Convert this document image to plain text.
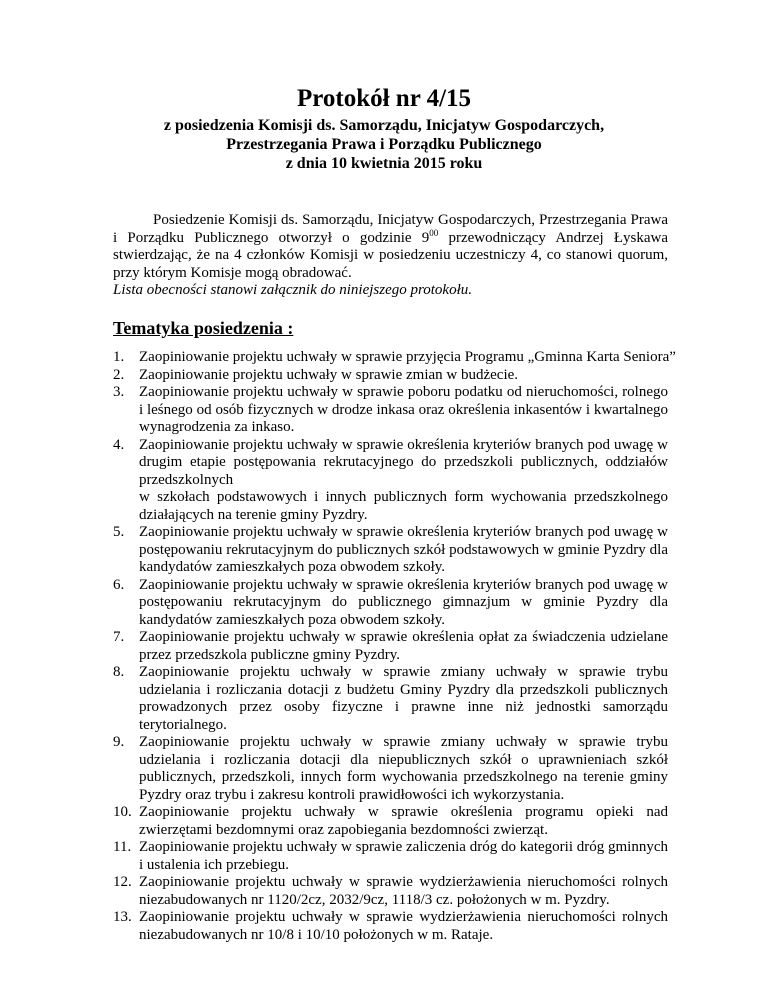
Protokół nr 4/15
z posiedzenia Komisji ds. Samorządu, Inicjatyw Gospodarczych,
Przestrzegania Prawa i Porządku Publicznego
z dnia 10 kwietnia 2015 roku

Posiedzenie Komisji ds. Samorządu, Inicjatyw Gospodarczych, Przestrzegania Prawa i Porządku Publicznego otworzył o godzinie $9^{00}$ przewodniczący Andrzej Łyskawa stwierdzając, że na 4 członków Komisji w posiedzeniu uczestniczy 4, co stanowi quorum, przy którym Komisje mogą obradować.

Lista obecności stanowi załącznik do niniejszego protokołu.

Tematyka posiedzenia :
1. Zaopiniowanie projektu uchwały w sprawie przyjęcia Programu „Gminna Karta Seniora”
2. Zaopiniowanie projektu uchwały w sprawie zmian w budżecie.
3. Zaopiniowanie projektu uchwały w sprawie poboru podatku od nieruchomości, rolnego i leśnego od osób fizycznych w drodze inkasa oraz określenia inkasentów i kwartalnego wynagrodzenia za inkaso.
4. Zaopiniowanie projektu uchwały w sprawie określenia kryteriów branych pod uwagę w drugim etapie postępowania rekrutacyjnego do przedszkoli publicznych, oddziałów przedszkolnych
w szkołach podstawowych i innych publicznych form wychowania przedszkolnego działających na terenie gminy Pyzdry.
5. Zaopiniowanie projektu uchwały w sprawie określenia kryteriów branych pod uwagę w postępowaniu rekrutacyjnym do publicznych szkół podstawowych w gminie Pyzdry dla kandydatów zamieszkałych poza obwodem szkoły.
6. Zaopiniowanie projektu uchwały w sprawie określenia kryteriów branych pod uwagę w postępowaniu rekrutacyjnym do publicznego gimnazjum w gminie Pyzdry dla kandydatów zamieszkałych poza obwodem szkoły.
7. Zaopiniowanie projektu uchwały w sprawie określenia opłat za świadczenia udzielane przez przedszkola publiczne gminy Pyzdry.
8. Zaopiniowanie projektu uchwały w sprawie zmiany uchwały w sprawie trybu udzielania i rozliczania dotacji z budżetu Gminy Pyzdry dla przedszkoli publicznych prowadzonych przez osoby fizyczne i prawne inne niż jednostki samorządu terytorialnego.
9. Zaopiniowanie projektu uchwały w sprawie zmiany uchwały w sprawie trybu udzielania i rozliczania dotacji dla niepublicznych szkół o uprawnieniach szkół publicznych, przedszkoli, innych form wychowania przedszkolnego na terenie gminy Pyzdry oraz trybu i zakresu kontroli prawidłowości ich wykorzystania.
10. Zaopiniowanie projektu uchwały w sprawie określenia programu opieki nad zwierzętami bezdomnymi oraz zapobiegania bezdomności zwierząt.
11. Zaopiniowanie projektu uchwały w sprawie zaliczenia dróg do kategorii dróg gminnych i ustalenia ich przebiegu.
12. Zaopiniowanie projektu uchwały w sprawie wydzierżawienia nieruchomości rolnych niezabudowanych nr 1120/2cz, 2032/9cz, 1118/3 cz. położonych w m. Pyzdry.
13. Zaopiniowanie projektu uchwały w sprawie wydzierżawienia nieruchomości rolnych niezabudowanych nr 10/8 i 10/10 położonych w m. Rataje.
